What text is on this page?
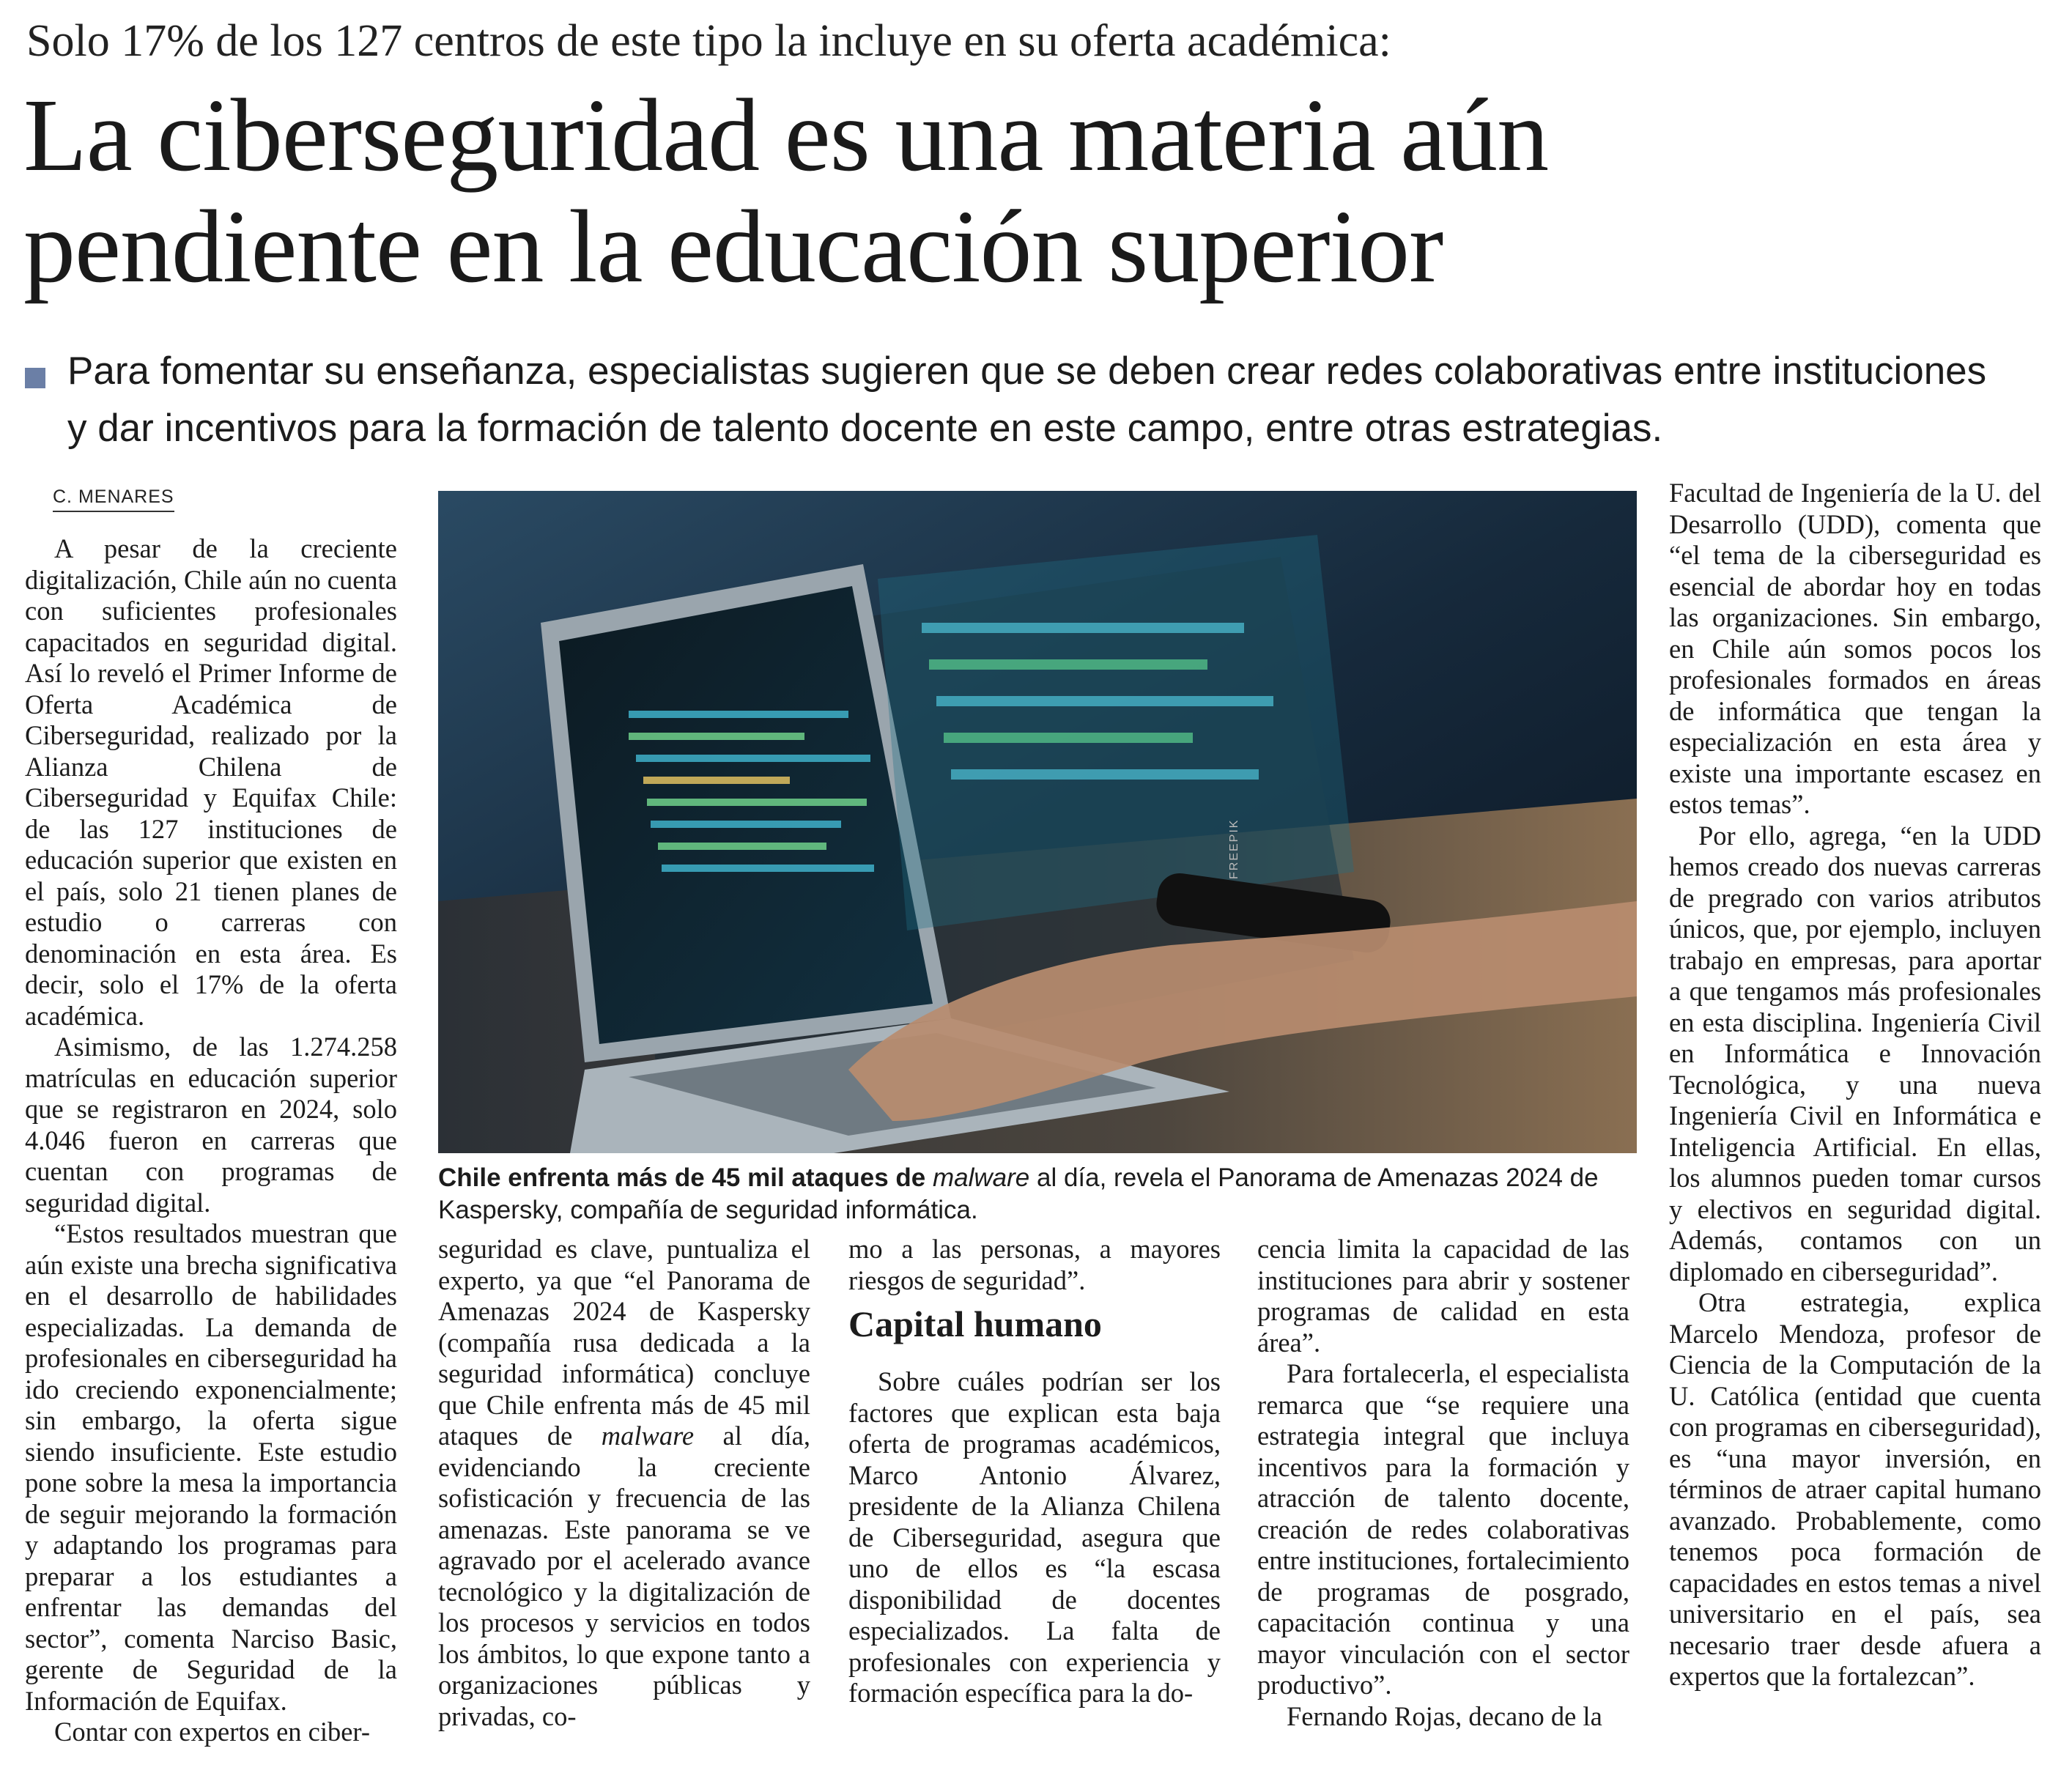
Solo 17% de los 127 centros de este tipo la incluye en su oferta académica:
La ciberseguridad es una materia aún
pendiente en la educación superior
Para fomentar su enseñanza, especialistas sugieren que se deben crear redes colaborativas entre instituciones
y dar incentivos para la formación de talento docente en este campo, entre otras estrategias.
C. MENARES

A pesar de la creciente digitalización, Chile aún no cuenta con suficientes profesionales capacitados en seguridad digital. Así lo reveló el Primer Informe de Oferta Académica de Ciberseguridad, realizado por la Alianza Chilena de Ciberseguridad y Equifax Chile: de las 127 instituciones de educación superior que existen en el país, solo 21 tienen planes de estudio o carreras con denominación en esta área. Es decir, solo el 17% de la oferta académica.

Asimismo, de las 1.274.258 matrículas en educación superior que se registraron en 2024, solo 4.046 fueron en carreras que cuentan con programas de seguridad digital.

“Estos resultados muestran que aún existe una brecha significativa en el desarrollo de habilidades especializadas. La demanda de profesionales en ciberseguridad ha ido creciendo exponencialmente; sin embargo, la oferta sigue siendo insuficiente. Este estudio pone sobre la mesa la importancia de seguir mejorando la formación y adaptando los programas para preparar a los estudiantes a enfrentar las demandas del sector”, comenta Narciso Basic, gerente de Seguridad de la Información de Equifax.

Contar con expertos en ciber-

FREEPIK
Chile enfrenta más de 45 mil ataques de malware al día, revela el Panorama de Amenazas 2024 de Kaspersky, compañía de seguridad informática.

seguridad es clave, puntualiza el experto, ya que “el Panorama de Amenazas 2024 de Kaspersky (compañía rusa dedicada a la seguridad informática) concluye que Chile enfrenta más de 45 mil ataques de malware al día, evidenciando la creciente sofisticación y frecuencia de las amenazas. Este panorama se ve agravado por el acelerado avance tecnológico y la digitalización de los procesos y servicios en todos los ámbitos, lo que expone tanto a organizaciones públicas y privadas, co-

mo a las personas, a mayores riesgos de seguridad”.

Capital humano

Sobre cuáles podrían ser los factores que explican esta baja oferta de programas académicos, Marco Antonio Álvarez, presidente de la Alianza Chilena de Ciberseguridad, asegura que uno de ellos es “la escasa disponibilidad de docentes especializados. La falta de profesionales con experiencia y formación específica para la do-

cencia limita la capacidad de las instituciones para abrir y sostener programas de calidad en esta área”.

Para fortalecerla, el especialista remarca que “se requiere una estrategia integral que incluya incentivos para la formación y atracción de talento docente, creación de redes colaborativas entre instituciones, fortalecimiento de programas de posgrado, capacitación continua y una mayor vinculación con el sector productivo”.

Fernando Rojas, decano de la

Facultad de Ingeniería de la U. del Desarrollo (UDD), comenta que “el tema de la ciberseguridad es esencial de abordar hoy en todas las organizaciones. Sin embargo, en Chile aún somos pocos los profesionales formados en áreas de informática que tengan la especialización en esta área y existe una importante escasez en estos temas”.

Por ello, agrega, “en la UDD hemos creado dos nuevas carreras de pregrado con varios atributos únicos, que, por ejemplo, incluyen trabajo en empresas, para aportar a que tengamos más profesionales en esta disciplina. Ingeniería Civil en Informática e Innovación Tecnológica, y una nueva Ingeniería Civil en Informática e Inteligencia Artificial. En ellas, los alumnos pueden tomar cursos y electivos en seguridad digital. Además, contamos con un diplomado en ciberseguridad”.

Otra estrategia, explica Marcelo Mendoza, profesor de Ciencia de la Computación de la U. Católica (entidad que cuenta con programas en ciberseguridad), es “una mayor inversión, en términos de atraer capital humano avanzado. Probablemente, como tenemos poca formación de capacidades en estos temas a nivel universitario en el país, sea necesario traer desde afuera a expertos que la fortalezcan”.
